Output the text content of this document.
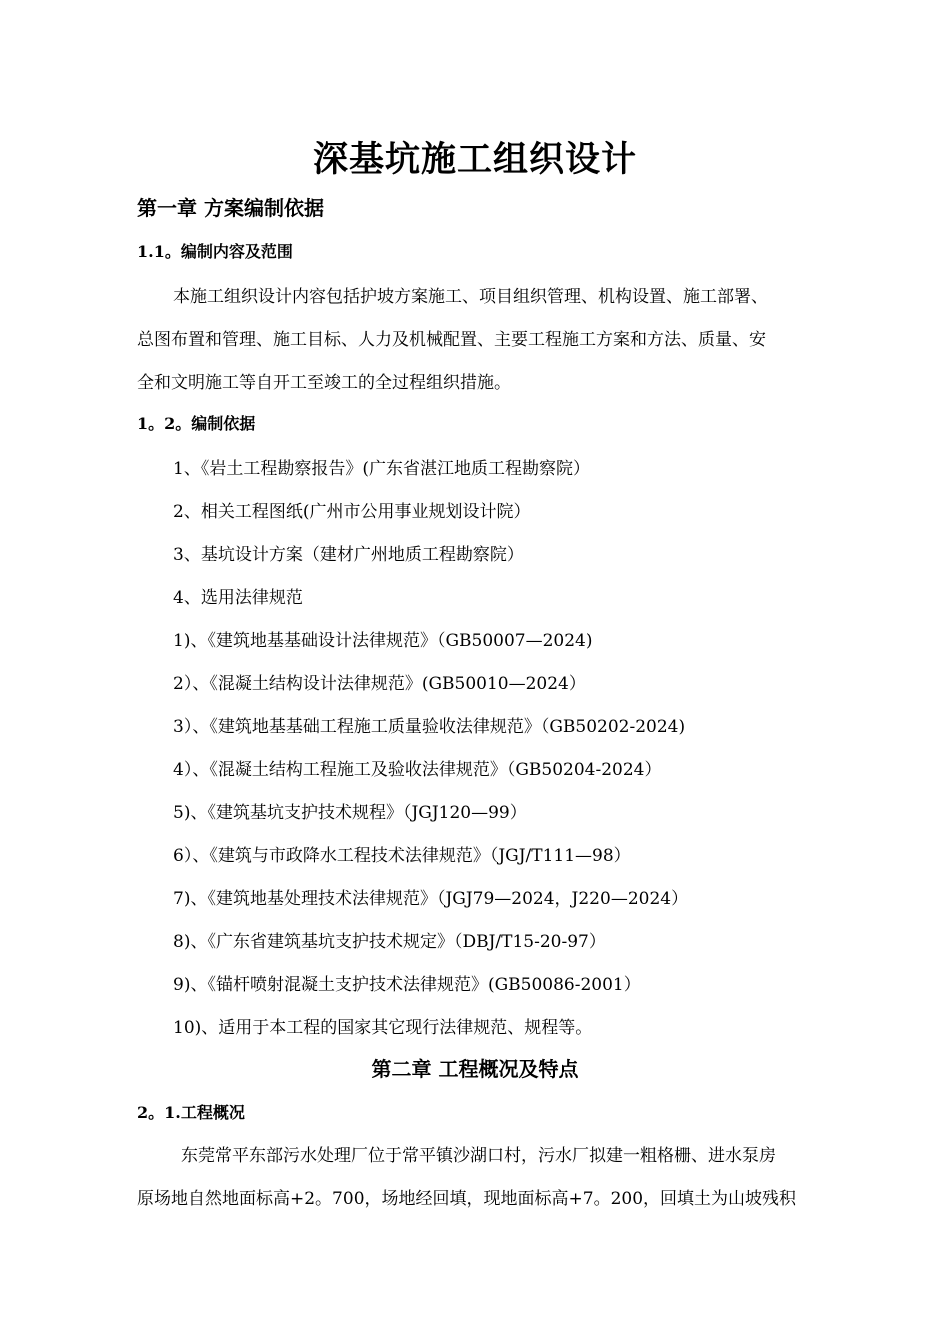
深基坑施工组织设计
第一章 方案编制依据
1.1。编制内容及范围
本施工组织设计内容包括护坡方案施工、项目组织管理、机构设置、施工部署、
总图布置和管理、施工目标、人力及机械配置、主要工程施工方案和方法、质量、安
全和文明施工等自开工至竣工的全过程组织措施。
1。2。编制依据
1、《岩土工程勘察报告》(广东省湛江地质工程勘察院）
2、相关工程图纸(广州市公用事业规划设计院）
3、基坑设计方案（建材广州地质工程勘察院）
4、选用法律规范
1)、《建筑地基基础设计法律规范》（GB50007—2024)
2）、《混凝土结构设计法律规范》(GB50010—2024）
3）、《建筑地基基础工程施工质量验收法律规范》（GB50202-2024)
4）、《混凝土结构工程施工及验收法律规范》（GB50204-2024）
5)、《建筑基坑支护技术规程》（JGJ120—99）
6）、《建筑与市政降水工程技术法律规范》（JGJ/T111—98）
7)、《建筑地基处理技术法律规范》（JGJ79—2024，J220—2024）
8)、《广东省建筑基坑支护技术规定》（DBJ/T15-20-97）
9)、《锚杆喷射混凝土支护技术法律规范》(GB50086-2001）
10)、适用于本工程的国家其它现行法律规范、规程等。
第二章 工程概况及特点
2。1.工程概况
东莞常平东部污水处理厂位于常平镇沙湖口村，污水厂拟建一粗格栅、进水泵房
原场地自然地面标高+2。700，场地经回填，现地面标高+7。200，回填土为山坡残积
